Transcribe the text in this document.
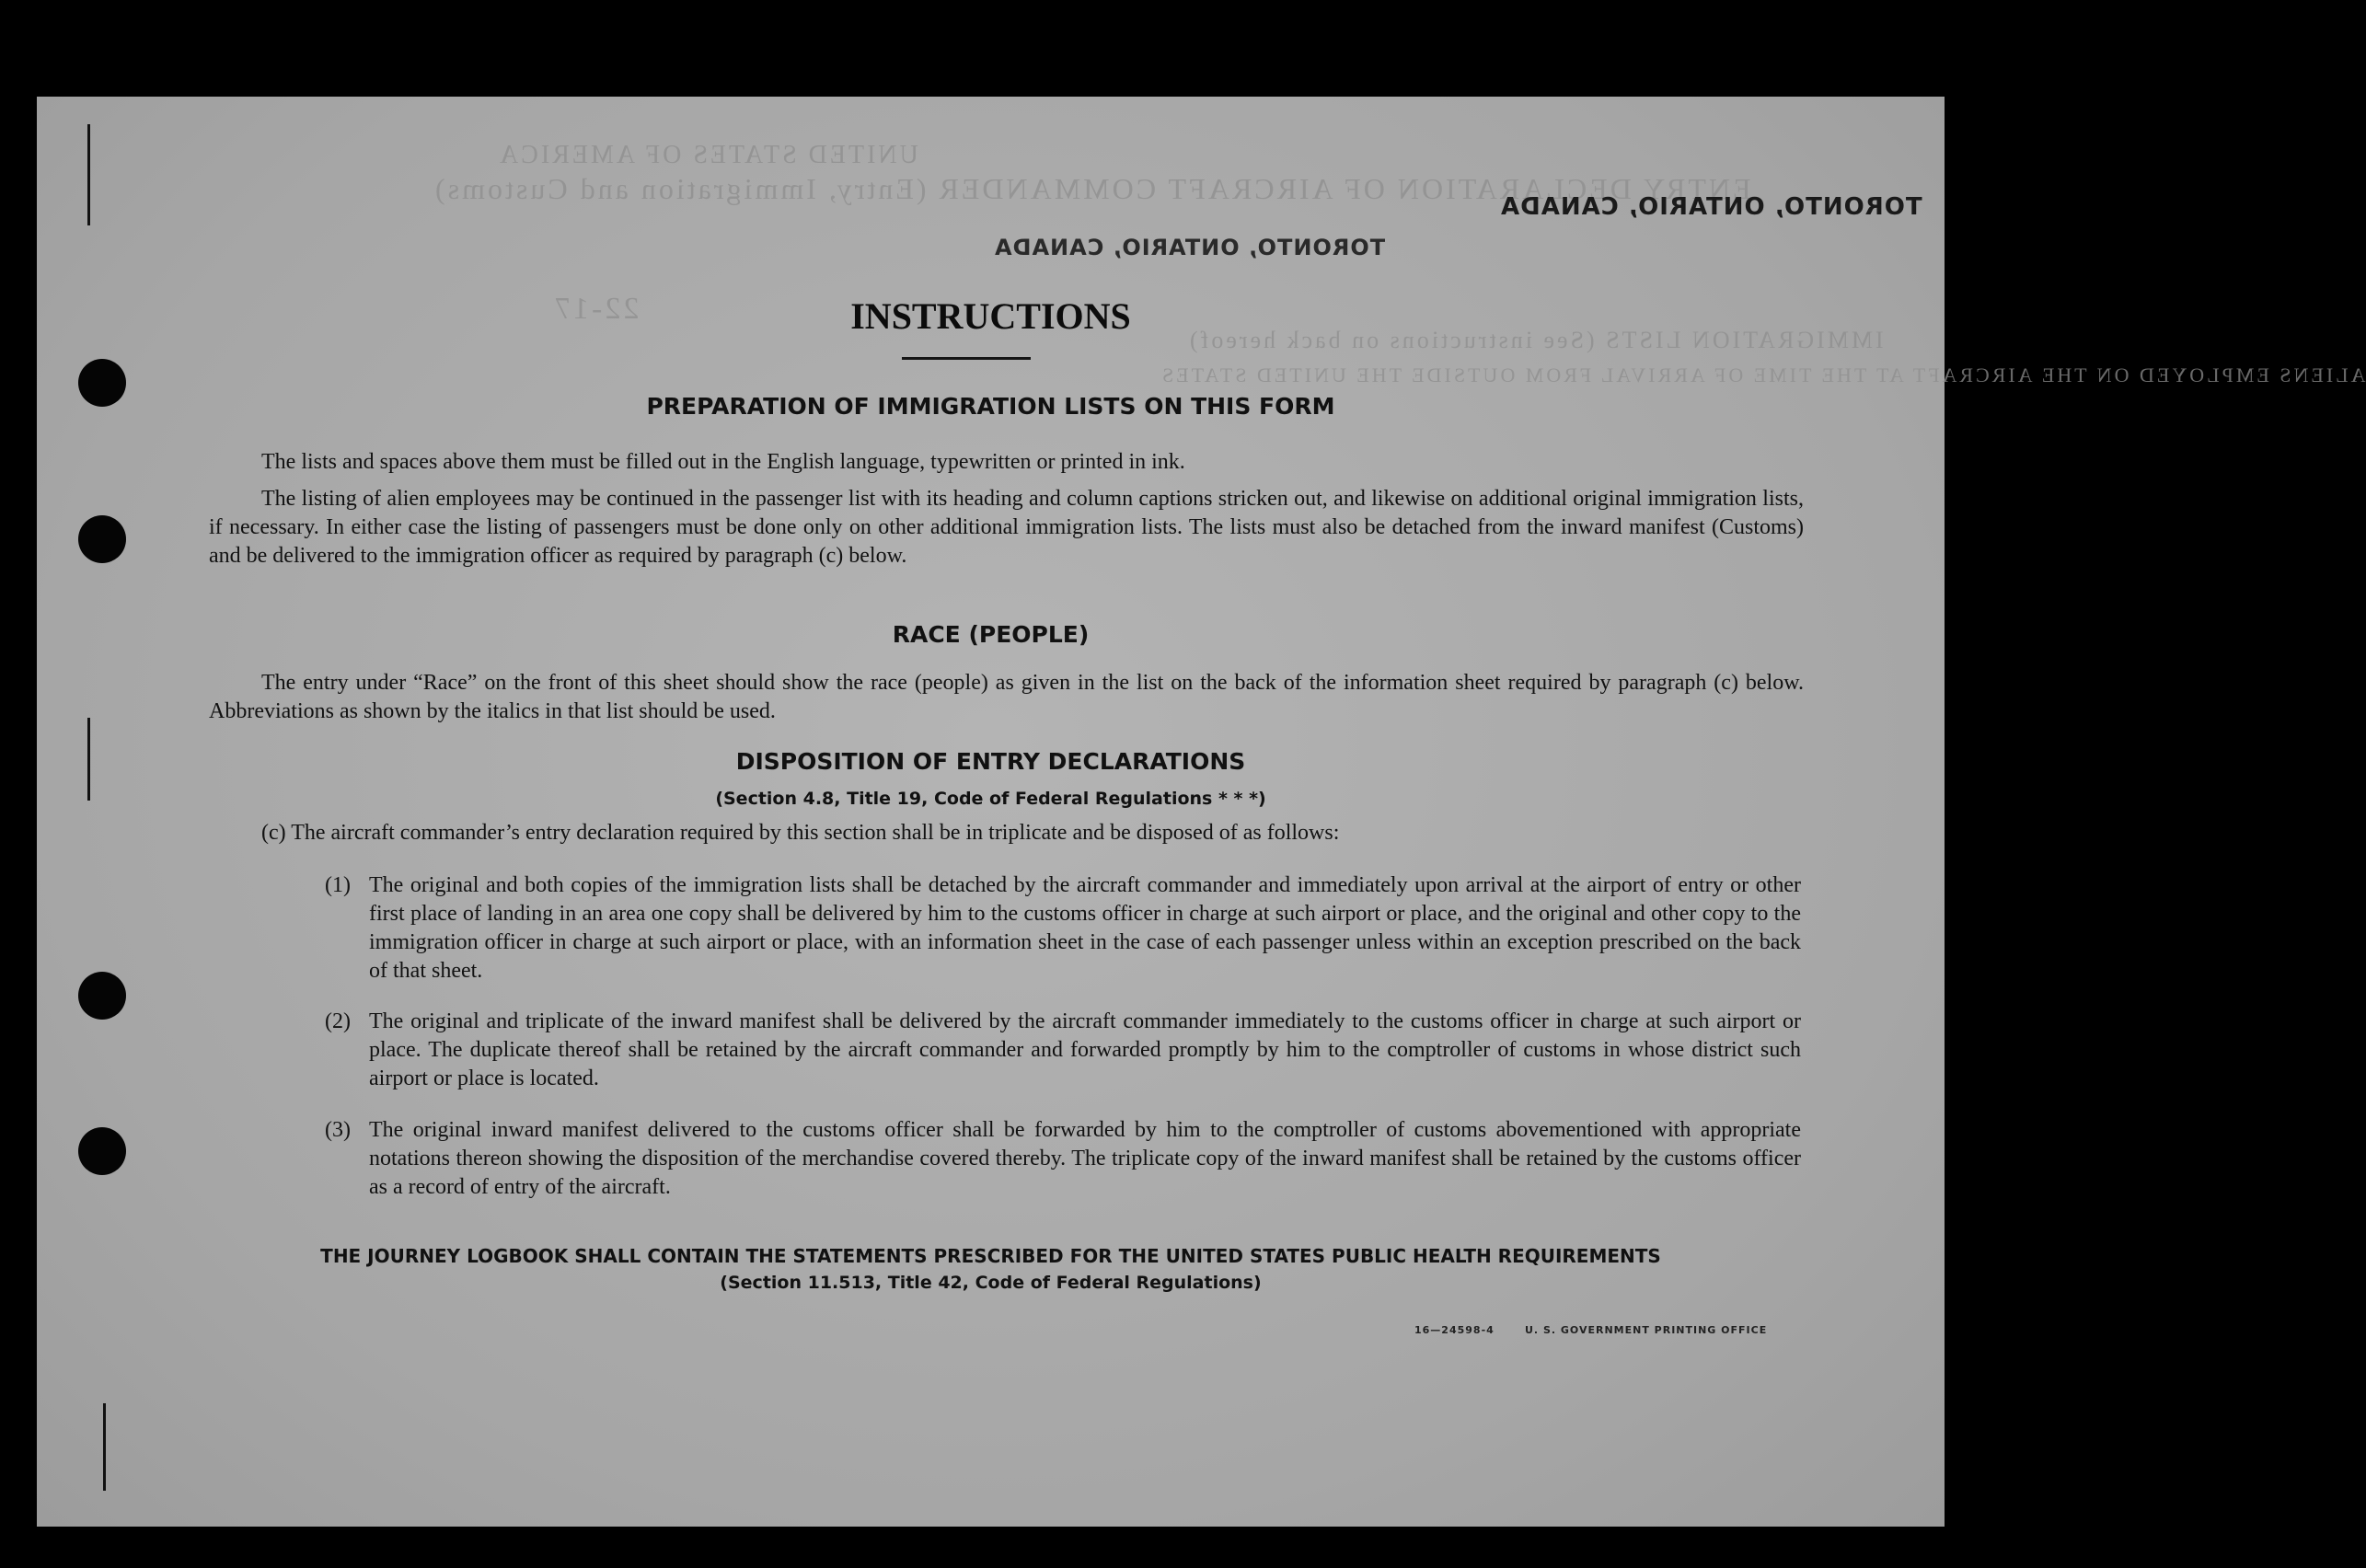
UNITED STATES OF AMERICA
ENTRY DECLARATION OF AIRCRAFT COMMANDER (Entry, Immigration and Customs)
IMMIGRATION LISTS (See instructions on back hereof)
ALIENS EMPLOYED ON THE AIRCRAFT AT THE TIME OF ARRIVAL FROM OUTSIDE THE UNITED STATES
22-17
TORONTO, ONTARIO, CANADA
TORONTO, ONTARIO, CANADA
INSTRUCTIONS
PREPARATION OF IMMIGRATION LISTS ON THIS FORM
The lists and spaces above them must be filled out in the English language, typewritten or printed in ink.
The listing of alien employees may be continued in the passenger list with its heading and column captions stricken out, and likewise on additional original immigration lists, if necessary. In either case the listing of passengers must be done only on other additional immigration lists. The lists must also be detached from the inward manifest (Customs) and be delivered to the immigration officer as required by paragraph (c) below.
RACE (PEOPLE)
The entry under “Race” on the front of this sheet should show the race (people) as given in the list on the back of the information sheet required by paragraph (c) below. Abbreviations as shown by the italics in that list should be used.
DISPOSITION OF ENTRY DECLARATIONS
(Section 4.8, Title 19, Code of Federal Regulations * * *)
(c) The aircraft commander’s entry declaration required by this section shall be in triplicate and be disposed of as follows:
(1) The original and both copies of the immigration lists shall be detached by the aircraft commander and immediately upon arrival at the airport of entry or other first place of landing in an area one copy shall be delivered by him to the customs officer in charge at such airport or place, and the original and other copy to the immigration officer in charge at such airport or place, with an information sheet in the case of each passenger unless within an exception prescribed on the back of that sheet.
(2) The original and triplicate of the inward manifest shall be delivered by the aircraft commander immediately to the customs officer in charge at such airport or place. The duplicate thereof shall be retained by the aircraft commander and forwarded promptly by him to the comptroller of customs in whose district such airport or place is located.
(3) The original inward manifest delivered to the customs officer shall be forwarded by him to the comptroller of customs abovementioned with appropriate notations thereon showing the disposition of the merchandise covered thereby. The triplicate copy of the inward manifest shall be retained by the customs officer as a record of entry of the aircraft.
THE JOURNEY LOGBOOK SHALL CONTAIN THE STATEMENTS PRESCRIBED FOR THE UNITED STATES PUBLIC HEALTH REQUIREMENTS
(Section 11.513, Title 42, Code of Federal Regulations)
16—24598-4	U. S. GOVERNMENT PRINTING OFFICE
